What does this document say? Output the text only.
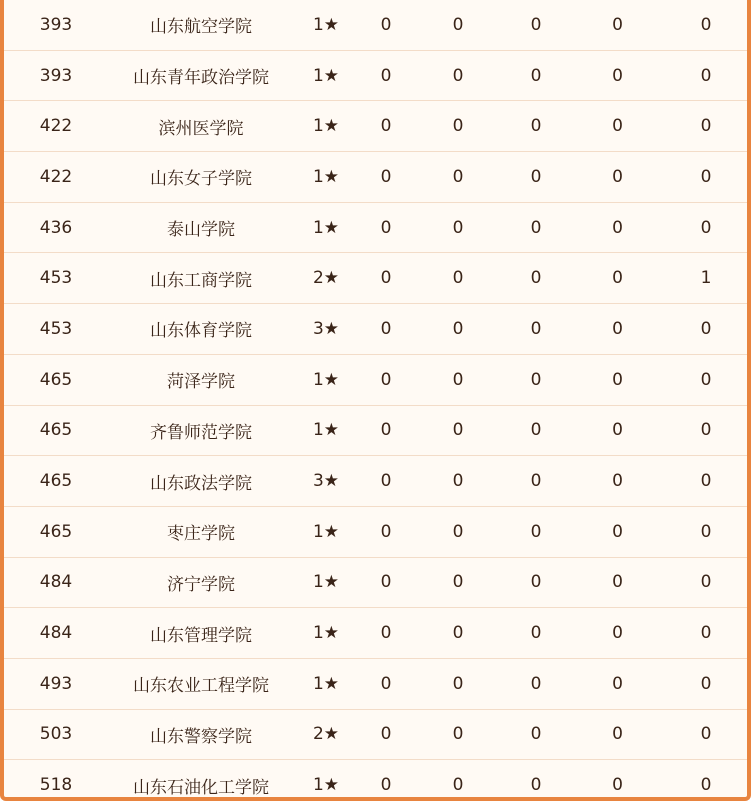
393	山东航空学院	1★	0	0	0	0	0
393	山东青年政治学院	1★	0	0	0	0	0
422	滨州医学院	1★	0	0	0	0	0
422	山东女子学院	1★	0	0	0	0	0
436	泰山学院	1★	0	0	0	0	0
453	山东工商学院	2★	0	0	0	0	1
453	山东体育学院	3★	0	0	0	0	0
465	菏泽学院	1★	0	0	0	0	0
465	齐鲁师范学院	1★	0	0	0	0	0
465	山东政法学院	3★	0	0	0	0	0
465	枣庄学院	1★	0	0	0	0	0
484	济宁学院	1★	0	0	0	0	0
484	山东管理学院	1★	0	0	0	0	0
493	山东农业工程学院	1★	0	0	0	0	0
503	山东警察学院	2★	0	0	0	0	0
518	山东石油化工学院	1★	0	0	0	0	0
